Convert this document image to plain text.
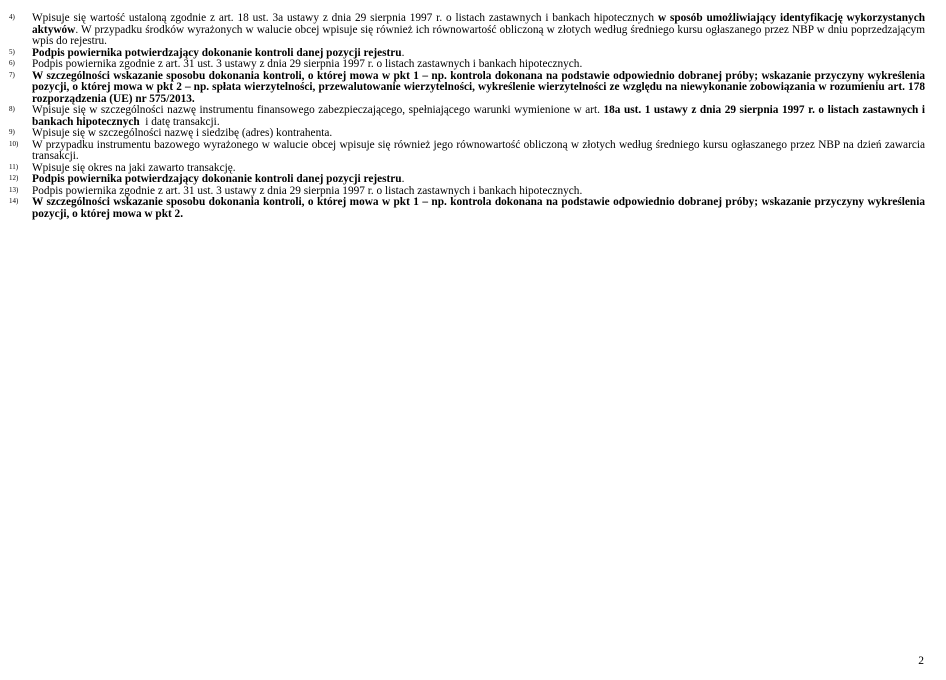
4)	Wpisuje się wartość ustaloną zgodnie z art. 18 ust. 3a ustawy z dnia 29 sierpnia 1997 r. o listach zastawnych i bankach hipotecznych w sposób umożliwiający identyfikację wykorzystanych aktywów. W przypadku środków wyrażonych w walucie obcej wpisuje się również ich równowartość obliczoną w złotych według średniego kursu ogłaszanego przez NBP w dniu poprzedzającym wpis do rejestru.
5)	Podpis powiernika potwierdzający dokonanie kontroli danej pozycji rejestru.
6)	Podpis powiernika zgodnie z art. 31 ust. 3 ustawy z dnia 29 sierpnia 1997 r. o listach zastawnych i bankach hipotecznych.
7)	W szczególności wskazanie sposobu dokonania kontroli, o której mowa w pkt 1 – np. kontrola dokonana na podstawie odpowiednio dobranej próby; wskazanie przyczyny wykreślenia pozycji, o której mowa w pkt 2 – np. spłata wierzytelności, przewalutowanie wierzytelności, wykreślenie wierzytelności ze względu na niewykonanie zobowiązania w rozumieniu art. 178 rozporządzenia (UE) nr 575/2013.
8)	Wpisuje się w szczególności nazwę instrumentu finansowego zabezpieczającego, spełniającego warunki wymienione w art. 18a ust. 1 ustawy z dnia 29 sierpnia 1997 r. o listach zastawnych i bankach hipotecznych  i datę transakcji.
9)	Wpisuje się w szczególności nazwę i siedzibę (adres) kontrahenta.
10)	W przypadku instrumentu bazowego wyrażonego w walucie obcej wpisuje się również jego równowartość obliczoną w złotych według średniego kursu ogłaszanego przez NBP na dzień zawarcia transakcji.
11)	Wpisuje się okres na jaki zawarto transakcję.
12)	Podpis powiernika potwierdzający dokonanie kontroli danej pozycji rejestru.
13)	Podpis powiernika zgodnie z art. 31 ust. 3 ustawy z dnia 29 sierpnia 1997 r. o listach zastawnych i bankach hipotecznych.
14)	W szczególności wskazanie sposobu dokonania kontroli, o której mowa w pkt 1 – np. kontrola dokonana na podstawie odpowiednio dobranej próby; wskazanie przyczyny wykreślenia pozycji, o której mowa w pkt 2.
2
